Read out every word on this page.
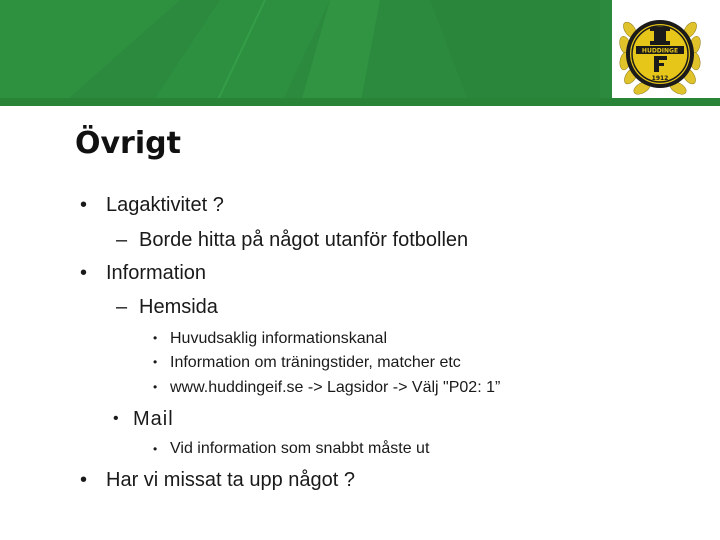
HUDDINGE
1912
Övrigt
• Lagaktivitet ?
– Borde hitta på något utanför fotbollen
• Information
– Hemsida
• Huvudsaklig informationskanal
• Information om träningstider, matcher etc
• www.huddingeif.se -> Lagsidor -> Välj "P02: 1”
• Mail
• Vid information som snabbt måste ut
• Har vi missat ta upp något ?
